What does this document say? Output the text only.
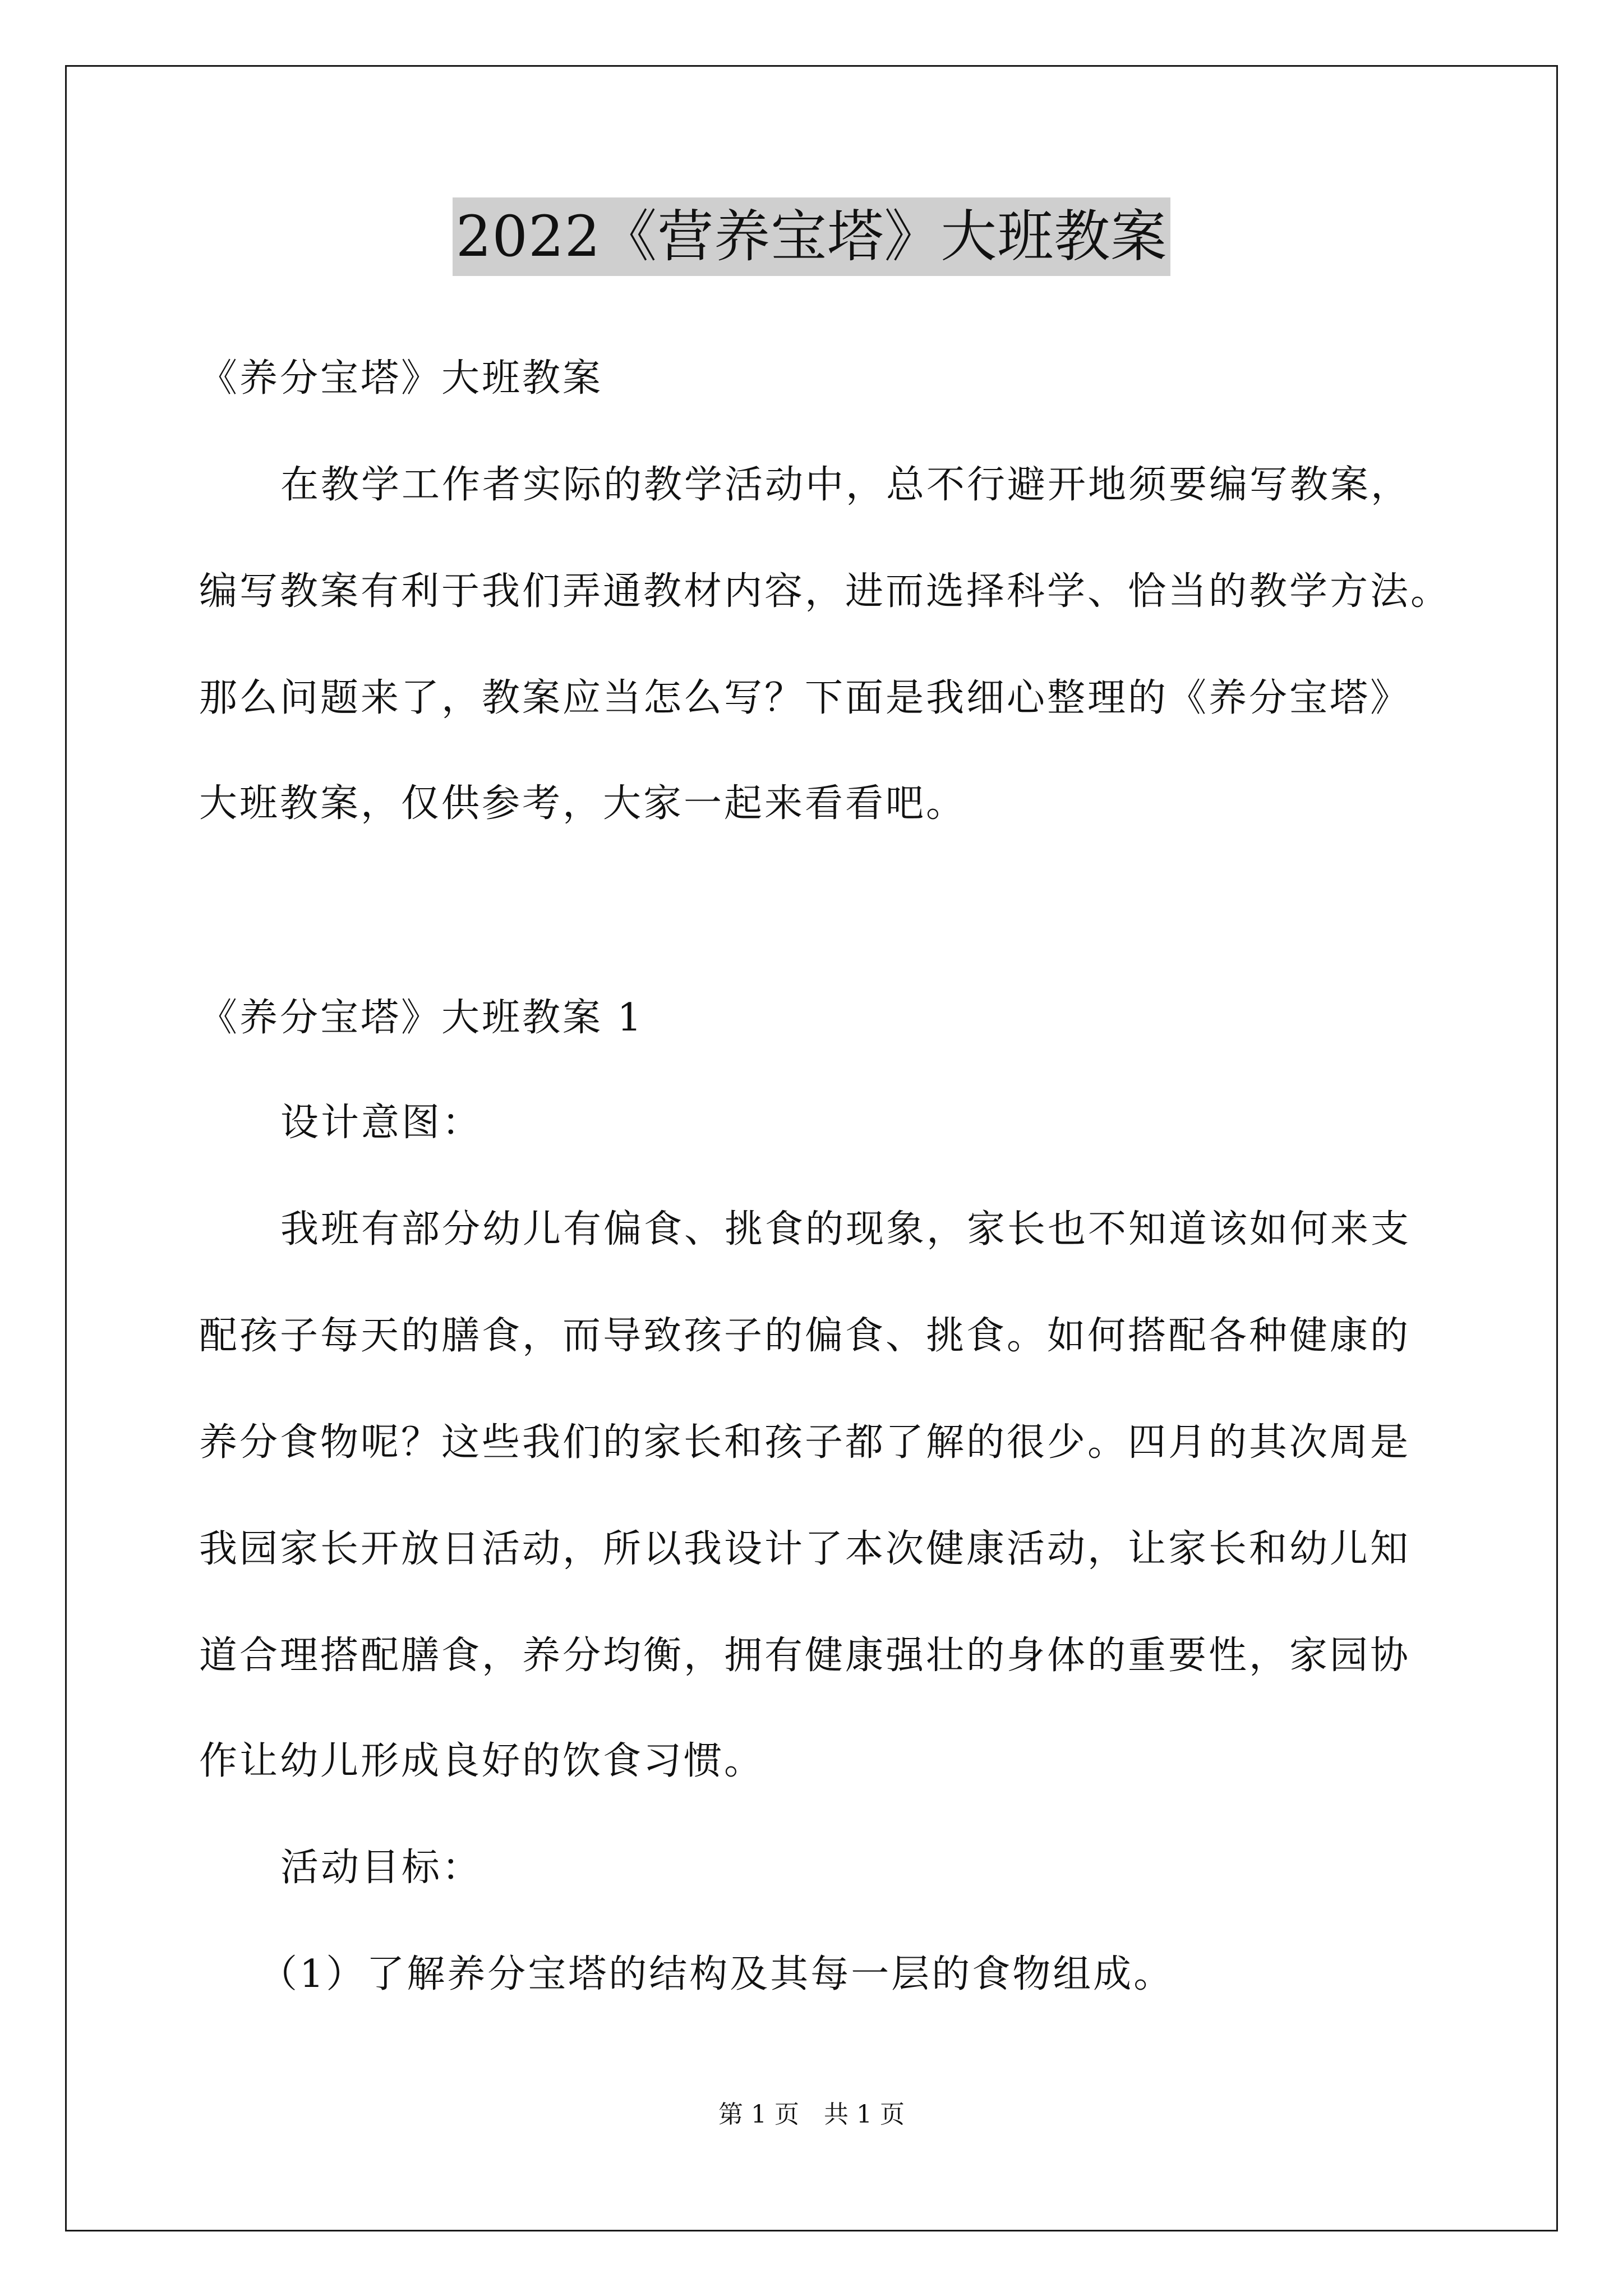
2022《营养宝塔》大班教案
《养分宝塔》大班教案
在教学工作者实际的教学活动中，总不行避开地须要编写教案，
编写教案有利于我们弄通教材内容，进而选择科学、恰当的教学方法。
那么问题来了，教案应当怎么写？下面是我细心整理的《养分宝塔》
大班教案，仅供参考，大家一起来看看吧。
《养分宝塔》大班教案 1
设计意图：
我班有部分幼儿有偏食、挑食的现象，家长也不知道该如何来支
配孩子每天的膳食，而导致孩子的偏食、挑食。如何搭配各种健康的
养分食物呢？这些我们的家长和孩子都了解的很少。四月的其次周是
我园家长开放日活动，所以我设计了本次健康活动，让家长和幼儿知
道合理搭配膳食，养分均衡，拥有健康强壮的身体的重要性，家园协
作让幼儿形成良好的饮食习惯。
活动目标：
（1）了解养分宝塔的结构及其每一层的食物组成。
第 1 页 共 1 页
